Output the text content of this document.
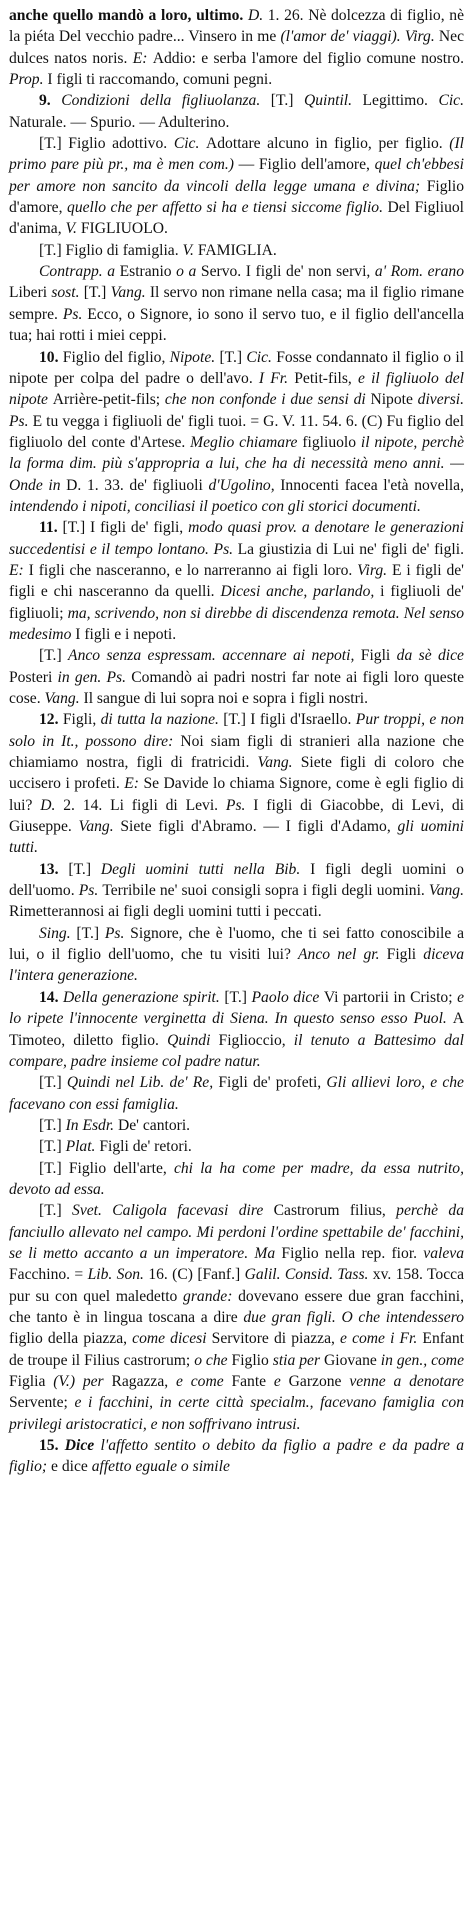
anche quello mandò a loro, ultimo. D. 1. 26. Nè dolcezza di figlio, nè la piéta Del vecchio padre... Vinsero in me (l'amor de' viaggi). Virg. Nec dulces natos noris. E: Addio: e serba l'amore del figlio comune nostro. Prop. I figli ti raccomando, comuni pegni.

9. Condizioni della figliuolanza. [T.] Quintil. Legittimo. Cic. Naturale. — Spurio. — Adulterino.

[T.] Figlio adottivo. Cic. Adottare alcuno in figlio, per figlio. (Il primo pare più pr., ma è men com.) — Figlio dell'amore, quel ch'ebbesi per amore non sancito da vincoli della legge umana e divina; Figlio d'amore, quello che per affetto si ha e tiensi siccome figlio. Del Figliuol d'anima, V. FIGLIUOLO.

[T.] Figlio di famiglia. V. FAMIGLIA.

Contrapp. a Estranio o a Servo. I figli de' non servi, a' Rom. erano Liberi sost. [T.] Vang. Il servo non rimane nella casa; ma il figlio rimane sempre. Ps. Ecco, o Signore, io sono il servo tuo, e il figlio dell'ancella tua; hai rotti i miei ceppi.

10. Figlio del figlio, Nipote. [T.] Cic. Fosse condannato il figlio o il nipote per colpa del padre o dell'avo. I Fr. Petit-fils, e il figliuolo del nipote Arrière-petit-fils; che non confonde i due sensi di Nipote diversi. Ps. E tu vegga i figliuoli de' figli tuoi. = G. V. 11. 54. 6. (C) Fu figlio del figliuolo del conte d'Artese. Meglio chiamare figliuolo il nipote, perchè la forma dim. più s'appropria a lui, che ha di necessità meno anni. — Onde in D. 1. 33. de' figliuoli d'Ugolino, Innocenti facea l'età novella, intendendo i nipoti, conciliasi il poetico con gli storici documenti.

11. [T.] I figli de' figli, modo quasi prov. a denotare le generazioni succedentisi e il tempo lontano. Ps. La giustizia di Lui ne' figli de' figli. E: I figli che nasceranno, e lo narreranno ai figli loro. Virg. E i figli de' figli e chi nasceranno da quelli. Dicesi anche, parlando, i figliuoli de' figliuoli; ma, scrivendo, non si direbbe di discendenza remota. Nel senso medesimo I figli e i nepoti.

[T.] Anco senza espressam. accennare ai nepoti, Figli da sè dice Posteri in gen. Ps. Comandò ai padri nostri far note ai figli loro queste cose. Vang. Il sangue di lui sopra noi e sopra i figli nostri.

12. Figli, di tutta la nazione. [T.] I figli d'Israello. Pur troppi, e non solo in It., possono dire: Noi siam figli di stranieri alla nazione che chiamiamo nostra, figli di fratricidi. Vang. Siete figli di coloro che uccisero i profeti. E: Se Davide lo chiama Signore, come è egli figlio di lui? D. 2. 14. Li figli di Levi. Ps. I figli di Giacobbe, di Levi, di Giuseppe. Vang. Siete figli d'Abramo. — I figli d'Adamo, gli uomini tutti.

13. [T.] Degli uomini tutti nella Bib. I figli degli uomini o dell'uomo. Ps. Terribile ne' suoi consigli sopra i figli degli uomini. Vang. Rimetterannosi ai figli degli uomini tutti i peccati.

Sing. [T.] Ps. Signore, che è l'uomo, che ti sei fatto conoscibile a lui, o il figlio dell'uomo, che tu visiti lui? Anco nel gr. Figli diceva l'intera generazione.

14. Della generazione spirit. [T.] Paolo dice Vi partorii in Cristo; e lo ripete l'innocente verginetta di Siena. In questo senso esso Puol. A Timoteo, diletto figlio. Quindi Figlioccio, il tenuto a Battesimo dal compare, padre insieme col padre natur.

[T.] Quindi nel Lib. de' Re, Figli de' profeti, Gli allievi loro, e che facevano con essi famiglia.

[T.] In Esdr. De' cantori.

[T.] Plat. Figli de' retori.

[T.] Figlio dell'arte, chi la ha come per madre, da essa nutrito, devoto ad essa.

[T.] Svet. Caligola facevasi dire Castrorum filius, perchè da fanciullo allevato nel campo. Mi perdoni l'ordine spettabile de' facchini, se li metto accanto a un imperatore. Ma Figlio nella rep. fior. valeva Facchino. = Lib. Son. 16. (C) [Fanf.] Galil. Consid. Tass. xv. 158. Tocca pur su con quel maledetto grande: dovevano essere due gran facchini, che tanto è in lingua toscana a dire due gran figli. O che intendessero figlio della piazza, come dicesi Servitore di piazza, e come i Fr. Enfant de troupe il Filius castrorum; o che Figlio stia per Giovane in gen., come Figlia (V.) per Ragazza, e come Fante e Garzone venne a denotare Servente; e i facchini, in certe città specialm., facevano famiglia con privilegi aristocratici, e non soffrivano intrusi.

15. Dice l'affetto sentito o debito da figlio a padre e da padre a figlio; e dice affetto eguale o simile
